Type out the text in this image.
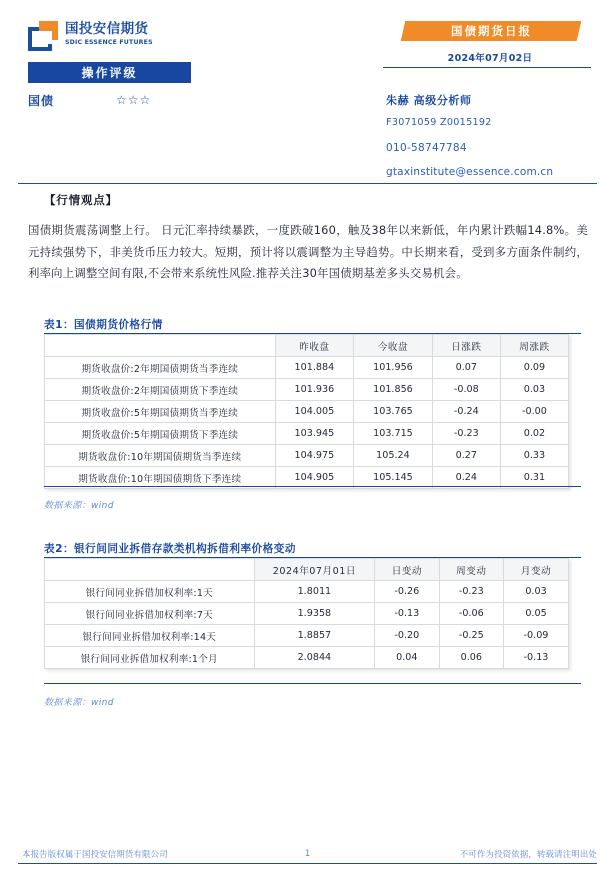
国投安信期货
SDIC ESSENCE FUTURES
操作评级
国债	☆☆☆
国债期货日报
2024年07月02日
朱赫 高级分析师
F3071059 Z0015192
010-58747784
gtaxinstitute@essence.com.cn
【行情观点】
国债期货震荡调整上行。 日元汇率持续暴跌，一度跌破160，触及38年以来新低，年内累计跌幅14.8%。美元持续强势下，非美货币压力较大。短期，预计将以震调整为主导趋势。中长期来看，受到多方面条件制约，利率向上调整空间有限,不会带来系统性风险.推荐关注30年国债期基差多头交易机会。
表1：国债期货价格行情
	昨收盘	今收盘	日涨跌	周涨跌
期货收盘价:2年期国债期货当季连续	101.884	101.956	0.07	0.09
期货收盘价:2年期国债期货下季连续	101.936	101.856	-0.08	0.03
期货收盘价:5年期国债期货当季连续	104.005	103.765	-0.24	-0.00
期货收盘价:5年期国债期货下季连续	103.945	103.715	-0.23	0.02
期货收盘价:10年期国债期货当季连续	104.975	105.24	0.27	0.33
期货收盘价:10年期国债期货下季连续	104.905	105.145	0.24	0.31
数据来源：wind
表2：银行间同业拆借存款类机构拆借利率价格变动
	2024年07月01日	日变动	周变动	月变动
银行间同业拆借加权利率:1天	1.8011	-0.26	-0.23	0.03
银行间同业拆借加权利率:7天	1.9358	-0.13	-0.06	0.05
银行间同业拆借加权利率:14天	1.8857	-0.20	-0.25	-0.09
银行间同业拆借加权利率:1个月	2.0844	0.04	0.06	-0.13
数据来源：wind
本报告版权属于国投安信期货有限公司	1	不可作为投资依据，转载请注明出处
